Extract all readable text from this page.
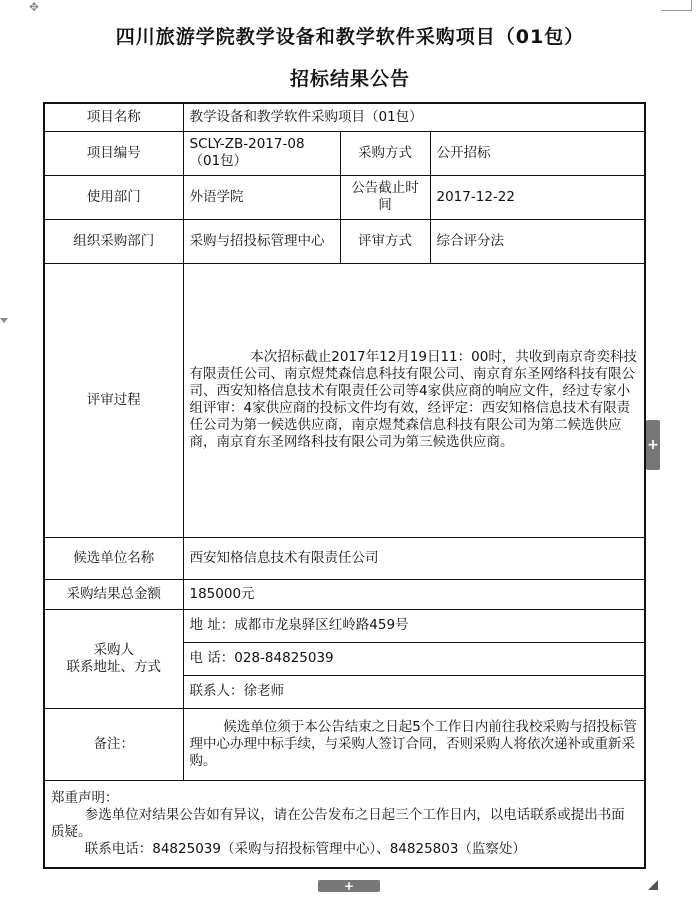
✥
四川旅游学院教学设备和教学软件采购项目（01包）
招标结果公告
项目名称	教学设备和教学软件采购项目（01包）		
项目编号	SCLY-ZB-2017-08（01包）	采购方式	公开招标
使用部门	外语学院	公告截止时间	2017-12-22
组织采购部门	采购与招投标管理中心	评审方式	综合评分法
评审过程	本次招标截止2017年12月19日11：00时，共收到南京奇奕科技有限责任公司、南京煜梵森信息科技有限公司、南京育东圣网络科技有限公司、西安知格信息技术有限责任公司等4家供应商的响应文件，经过专家小组评审：4家供应商的投标文件均有效，经评定：西安知格信息技术有限责任公司为第一候选供应商，南京煜梵森信息科技有限公司为第二候选供应商，南京育东圣网络科技有限公司为第三候选供应商。		
候选单位名称	西安知格信息技术有限责任公司		
采购结果总金额	185000元		

采购人
联系地址、方式	地 址：成都市龙泉驿区红岭路459号		
	电 话：028-84825039		
	联系人：徐老师		
备注：	候选单位须于本公告结束之日起5个工作日内前往我校采购与招投标管理中心办理中标手续，与采购人签订合同，否则采购人将依次递补或重新采购。		

郑重声明：
参选单位对结果公告如有异议，请在公告发布之日起三个工作日内，以电话联系或提出书面质疑。
联系电话：84825039（采购与招投标管理中心）、84825803（监察处）			
+
+
